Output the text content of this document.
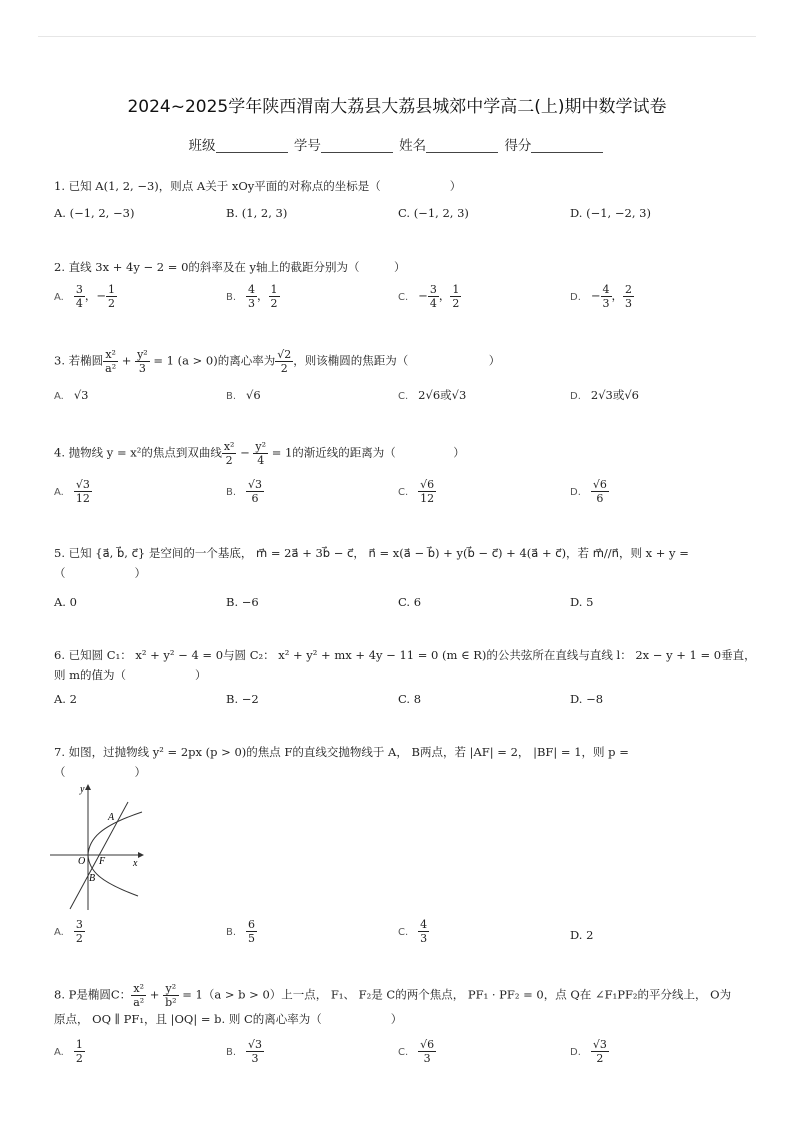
2024~2025学年陕西渭南大荔县大荔县城郊中学高二(上)期中数学试卷
班级	学号	姓名	得分
1. 已知 A(1, 2, −3)，则点 A关于 xOy平面的对称点的坐标是（　　　　　　）
A. (−1, 2, −3)	B. (1, 2, 3)	C. (−1, 2, 3)	D. (−1, −2, 3)
2. 直线 3x + 4y − 2 = 0的斜率及在 y轴上的截距分别为（　　　）
A. $\frac{3}{4}$ ，− $\frac{1}{2}$	B. $\frac{4}{3}$ ， $\frac{1}{2}$	C. − $\frac{3}{4}$ ， $\frac{1}{2}$	D. − $\frac{4}{3}$ ， $\frac{2}{3}$
3. 若椭圆 $\frac{\text{x²}}{\text{a²}} + \frac{\text{y²}}{3} = 1$ (a > 0)的离心率为 $\frac{√2}{2}$ ，则该椭圆的焦距为（　　　　　　　）
A. √3	B. √6	C. 2√6或√3	D. 2√3或√6
4. 抛物线 y = x²的焦点到双曲线 $\frac{\text{x²}}{2} - \frac{\text{y²}}{4} = 1$的渐近线的距离为（　　　　　）
A. $\frac{√3}{12}$	B. $\frac{√3}{6}$	C. $\frac{√6}{12}$	D. $\frac{√6}{6}$
5. 已知 {a⃗, b⃗, c⃗} 是空间的一个基底， m⃗ = 2a⃗ + 3b⃗ − c⃗， n⃗ = x(a⃗ − b⃗) + y(b⃗ − c⃗) + 4(a⃗ + c⃗)，若 m⃗//n⃗，则 x + y =
（　　　　　　）
A. 0	B. −6	C. 6	D. 5
6. 已知圆 C₁： x² + y² − 4 = 0与圆 C₂： x² + y² + mx + 4y − 11 = 0 (m ∈ R)的公共弦所在直线与直线 l： 2x − y + 1 = 0垂直，
则 m的值为（　　　　　　）
A. 2	B. −2	C. 8	D. −8
7. 如图，过抛物线 y² = 2px (p > 0)的焦点 F的直线交抛物线于 A， B两点，若 |AF| = 2， |BF| = 1，则 p =
（　　　　　　）
y
A
O F	x
B
A. $\frac{3}{2}$	B. $\frac{6}{5}$	C. $\frac{4}{3}$	D. 2
8. P是椭圆C： $\frac{\text{x²}}{\text{a²}} + \frac{\text{y²}}{\text{b²}} = 1(a > b > 0)$上一点， F₁、 F₂是 C的两个焦点， PF₁ · PF₂ = 0，点 Q在 ∠F₁PF₂的平分线上， O为
原点， OQ ∥ PF₁，且 |OQ| = b. 则 C的离心率为（　　　　　　）
A. $\frac{1}{2}$	B. $\frac{√3}{3}$	C. $\frac{√6}{3}$	D. $\frac{√3}{2}$
